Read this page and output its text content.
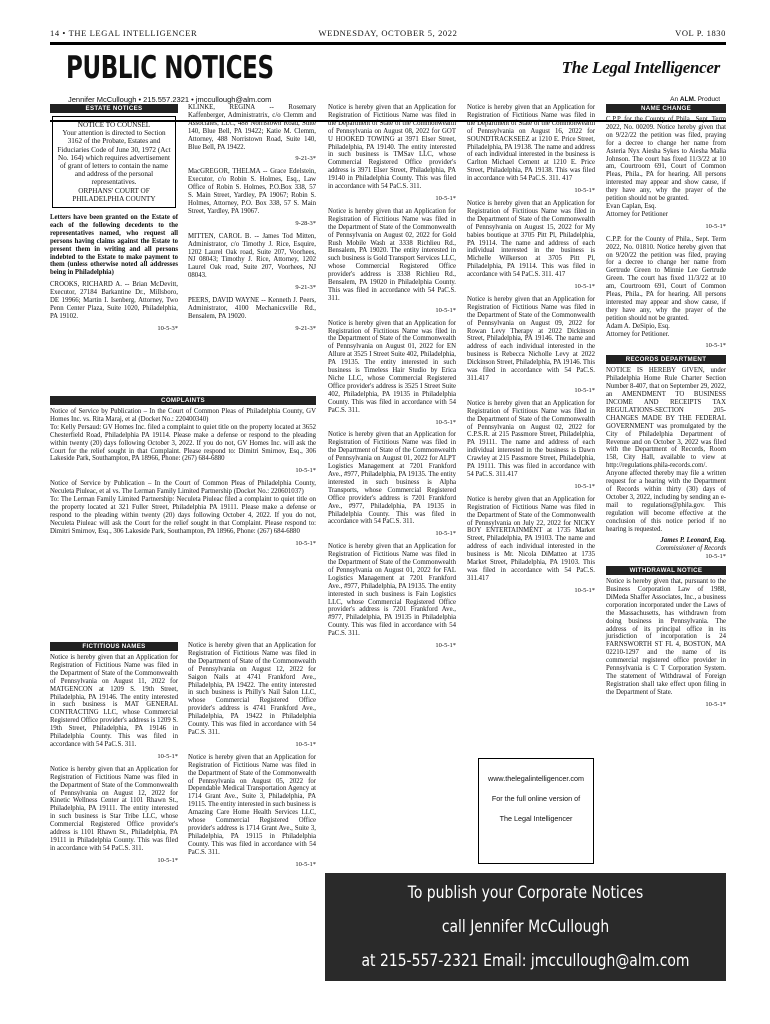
14 • THE LEGAL INTELLIGENCER	WEDNESDAY, OCTOBER 5, 2022	VOL P. 1830
PUBLIC NOTICES
Jennifer McCullough • 215.557.2321 • jmccullough@alm.com
The Legal Intelligencer
An ALM. Product
ESTATE NOTICES
NOTICE TO COUNSEL
Your attention is directed to Section 3162 of the Probate, Estates and Fiduciaries Code of June 30, 1972 (Act No. 164) which requires advertisement of grant of letters to contain the name and address of the personal representatives.
ORPHANS' COURT OF PHILADELPHIA COUNTY
Letters have been granted on the Estate of each of the following decedents to the representatives named, who request all persons having claims against the Estate to present them in writing and all persons indebted to the Estate to make payment to them (unless otherwise noted all addresses being in Philadelphia)
CROOKS, RICHARD A. -- Brian McDevitt, Executor, 27184 Barkantine Dr., Millsboro, DE 19966; Martin I. Isenberg, Attorney, Two Penn Center Plaza, Suite 1020, Philadelphia, PA 19102.
10-5-3*
KLINKE, REGINA -- Rosemary Kaffenberger, Administratrix, c/o Clemm and Associates, LLC, 488 Norristown Road, Suite 140, Blue Bell, PA 19422; Katie M. Clemm, Attorney, 488 Norristown Road, Suite 140, Blue Bell, PA 19422.
9-21-3*
MacGREGOR, THELMA -- Grace Edelstein, Executor, c/o Robin S. Holmes, Esq., Law Office of Robin S. Holmes, P.O.Box 338, 57 S. Main Street, Yardley, PA 19067; Robin S. Holmes, Attorney, P.O. Box 338, 57 S. Main Street, Yardley, PA 19067.
9-28-3*
MITTEN, CAROL B. -- James Tod Mitten, Administrator, c/o Timothy J. Rice, Esquire, 1202 Laurel Oak road, Suite 207, Voorhees, NJ 08043; Timothy J. Rice, Attorney, 1202 Laurel Oak road, Suite 207, Voorhees, NJ 08043.
9-21-3*
PEERS, DAVID WAYNE -- Kenneth J. Peers, Administrator, 4100 Mechanicsville Rd., Bensalem, PA 19020.
9-21-3*
COMPLAINTS
Notice of Service by Publication – In the Court of Common Pleas of Philadelphia County, GV Homes Inc. vs. Rita Maraj, et al (Docket No.: 220400340)
To: Kelly Persaud: GV Homes Inc. filed a complaint to quiet title on the property located at 3652 Chesterfield Road, Philadelphia PA 19114. Please make a defense or respond to the pleading within twenty (20) days following October 3, 2022. If you do not, GV Homes Inc. will ask the Court for the relief sought in that Complaint. Please respond to: Dimitri Smirnov, Esq., 306 Lakeside Park, Southampton, PA 18966, Phone: (267) 684-6880
10-5-1*
Notice of Service by Publication – In the Court of Common Pleas of Philadelphia County, Neculeta Piuleac, et al vs. The Lerman Family Limited Partnership (Docket No.: 220601037)
To: The Lerman Family Limited Partnership: Neculeta Piuleac filed a complaint to quiet title on the property located at 321 Fuller Street, Philadelphia PA 19111. Please make a defense or respond to the pleading within twenty (20) days following October 4, 2022. If you do not, Neculeta Piuleac will ask the Court for the relief sought in that Complaint. Please respond to: Dimitri Smirnov, Esq., 306 Lakeside Park, Southampton, PA 18966, Phone: (267) 684-6880
10-5-1*
FICTITIOUS NAMES
Notice is hereby given that an Application for Registration of Fictitious Name was filed in the Department of State of the Commonwealth of Pennsylvania on August 11, 2022 for MATGENCON at 1209 S. 19th Street, Philadelphia, PA 19146. The entity interested in such business is MAT GENERAL CONTRACTING LLC, whose Commercial Registered Office provider's address is 1209 S. 19th Street, Philadelphia, PA 19146 in Philadelphia County. This was filed in accordance with 54 PaC.S. 311.
10-5-1*
Notice is hereby given that an Application for Registration of Fictitious Name was filed in the Department of State of the Commonwealth of Pennsylvania on August 12, 2022 for Kinetic Wellness Center at 1101 Rhawn St., Philadelphia, PA 19111. The entity interested in such business is Star Tribe LLC, whose Commercial Registered Office provider's address is 1101 Rhawn St., Philadelphia, PA 19111 in Philadelphia County. This was filed in accordance with 54 PaC.S. 311.
10-5-1*
Notice is hereby given that an Application for Registration of Fictitious Name was filed in the Department of State of the Commonwealth of Pennsylvania on August 12, 2022 for Saigon Nails at 4741 Frankford Ave., Philadelphia, PA 19422. The entity interested in such business is Philly's Nail Salon LLC, whose Commercial Registered Office provider's address is 4741 Frankford Ave., Philadelphia, PA 19422 in Philadelphia County. This was filed in accordance with 54 PaC.S. 311.
10-5-1*
Notice is hereby given that an Application for Registration of Fictitious Name was filed in the Department of State of the Commonwealth of Pennsylvania on August 05, 2022 for Dependable Medical Transportation Agency at 1714 Grant Ave., Suite 3, Philadelphia, PA 19115. The entity interested in such business is Amazing Care Home Health Services LLC, whose Commercial Registered Office provider's address is 1714 Grant Ave., Suite 3, Philadelphia, PA 19115 in Philadelphia County. This was filed in accordance with 54 PaC.S. 311.
10-5-1*
Notice is hereby given that an Application for Registration of Fictitious Name was filed in the Department of State of the Commonwealth of Pennsylvania on August 08, 2022 for GOT U HOOKED TOWING at 3971 Elser Street, Philadelphia, PA 19140. The entity interested in such business is TMSav LLC, whose Commercial Registered Office provider's address is 3971 Elser Street, Philadelphia, PA 19140 in Philadelphia County. This was filed in accordance with 54 PaC.S. 311.
10-5-1*
Notice is hereby given that an Application for Registration of Fictitious Name was filed in the Department of State of the Commonwealth of Pennsylvania on August 02, 2022 for Gold Rush Mobile Wash at 3338 Richlieu Rd., Bensalem, PA 19020. The entity interested in such business is Gold Transport Services LLC, whose Commercial Registered Office provider's address is 3338 Richlieu Rd., Bensalem, PA 19020 in Philadelphia County. This was filed in accordance with 54 PaC.S. 311.
10-5-1*
Notice is hereby given that an Application for Registration of Fictitious Name was filed in the Department of State of the Commonwealth of Pennsylvania on August 01, 2022 for EN Allure at 3525 I Street Suite 402, Philadelphia, PA 19135. The entity interested in such business is Timeless Hair Studio by Erica Niche LLC, whose Commercial Registered Office provider's address is 3525 I Street Suite 402, Philadelphia, PA 19135 in Philadelphia County. This was filed in accordance with 54 PaC.S. 311.
10-5-1*
Notice is hereby given that an Application for Registration of Fictitious Name was filed in the Department of State of the Commonwealth of Pennsylvania on August 01, 2022 for ALPT Logistics Management at 7201 Frankford Ave., #977, Philadelphia, PA 19135. The entity interested in such business is Alpha Transports, whose Commercial Registered Office provider's address is 7201 Frankford Ave., #977, Philadelphia, PA 19135 in Philadelphia County. This was filed in accordance with 54 PaC.S. 311.
10-5-1*
Notice is hereby given that an Application for Registration of Fictitious Name was filed in the Department of State of the Commonwealth of Pennsylvania on August 01, 2022 for FAL Logistics Management at 7201 Frankford Ave., #977, Philadelphia, PA 19135. The entity interested in such business is Fain Logistics LLC, whose Commercial Registered Office provider's address is 7201 Frankford Ave., #977, Philadelphia, PA 19135 in Philadelphia County. This was filed in accordance with 54 PaC.S. 311.
10-5-1*
Notice is hereby given that an Application for Registration of Fictitious Name was filed in the Department of State of the Commonwealth of Pennsylvania on August 16, 2022 for SOUNDTRACKSEEZ at 1210 E. Price Street, Philadelphia, PA 19138. The name and address of each individual interested in the business is Carlton Michael Cement at 1210 E. Price Street, Philadelphia, PA 19138. This was filed in accordance with 54 PaC.S. 311. 417
10-5-1*
Notice is hereby given that an Application for Registration of Fictitious Name was filed in the Department of State of the Commonwealth of Pennsylvania on August 15, 2022 for My babies boutique at 3705 Pitt Pl, Philadelphia, PA 19114. The name and address of each individual interested in the business is Michelle Wilkerson at 3705 Pitt Pl, Philadelphia, PA 19114. This was filed in accordance with 54 PaC.S. 311. 417
10-5-1*
Notice is hereby given that an Application for Registration of Fictitious Name was filed in the Department of State of the Commonwealth of Pennsylvania on August 09, 2022 for Rowan Levy Therapy at 2022 Dickinson Street, Philadelphia, PA 19146. The name and address of each individual interested in the business is Rebecca Nicholle Levy at 2022 Dickinson Street, Philadelphia, PA 19146. This was filed in accordance with 54 PaC.S. 311.417
10-5-1*
Notice is hereby given that an Application for Registration of Fictitious Name was filed in the Department of State of the Commonwealth of Pennsylvania on August 02, 2022 for C.P.S.R. at 215 Passmore Street, Philadelphia, PA 19111. The name and address of each individual interested in the business is Dawn Crawley at 215 Passmore Street, Philadelphia, PA 19111. This was filed in accordance with 54 PaC.S. 311.417
10-5-1*
Notice is hereby given that an Application for Registration of Fictitious Name was filed in the Department of State of the Commonwealth of Pennsylvania on July 22, 2022 for NICKY BOY ENTERTAINMENT at 1735 Market Street, Philadelphia, PA 19103. The name and address of each individual interested in the business is Mr. Nicola DiMatteo at 1735 Market Street, Philadelphia, PA 19103. This was filed in accordance with 54 PaC.S. 311.417
10-5-1*
www.thelegalintelligencer.com
For the full online version of
The Legal Intelligencer
NAME CHANGE
C.P.P. for the County of Phila., Sept. Term 2022, No. 00209. Notice hereby given that on 9/22/22 the petition was filed, praying for a decree to change her name from Asteria Nyx Aiesha Sykes to Aiesha Malia Johnson. The court has fixed 11/3/22 at 10 am, Courtroom 691, Court of Common Pleas, Phila., PA for hearing. All persons interested may appear and show cause, if they have any, why the prayer of the petition should not be granted.
Evan Caplan, Esq.
Attorney for Petitioner
10-5-1*
C.P.P. for the County of Phila., Sept. Term 2022, No. 01810. Notice hereby given that on 9/20/22 the petition was filed, praying for a decree to change her name from Gertrude Green to Minnie Lee Gertrude Green. The court has fixed 11/3/22 at 10 am, Courtroom 691, Court of Common Pleas, Phila., PA for hearing. All persons interested may appear and show cause, if they have any, why the prayer of the petition should not be granted.
Adam A. DeSipio, Esq.
Attorney for Petitioner.
10-5-1*
RECORDS DEPARTMENT
NOTICE IS HEREBY GIVEN, under Philadelphia Home Rule Charter Section Number 8-407, that on September 29, 2022, an AMENDMENT TO BUSINESS INCOME AND RECEIPTS TAX REGULATIONS-SECTION 205-CHANGES MADE BY THE FEDERAL GOVERNMENT was promulgated by the City of Philadelphia Department of Revenue and on October 3, 2022 was filed with the Department of Records, Room 158, City Hall, available to view at http://regulations.phila-records.com/. Anyone affected thereby may file a written request for a hearing with the Department of Records within thirty (30) days of October 3, 2022, including by sending an e-mail to regulations@phila.gov. This regulation will become effective at the conclusion of this notice period if no hearing is requested.
James P. Leonard, Esq.
Commissioner of Records
10-5-1*
WITHDRAWAL NOTICE
Notice is hereby given that, pursuant to the Business Corporation Law of 1988, DiMeda Shaffer Associates, Inc., a business corporation incorporated under the Laws of the Massachusetts, has withdrawn from doing business in Pennsylvania. The address of its principal office in its jurisdiction of incorporation is 24 FARNSWORTH ST FL 4, BOSTON, MA 02210-1297 and the name of its commercial registered office provider in Pennsylvania is C T Corporation System. The statement of Withdrawal of Foreign Registration shall take effect upon filing in the Department of State.
10-5-1*
To publish your Corporate Notices
call Jennifer McCullough
at 215-557-2321 Email: jmccullough@alm.com
